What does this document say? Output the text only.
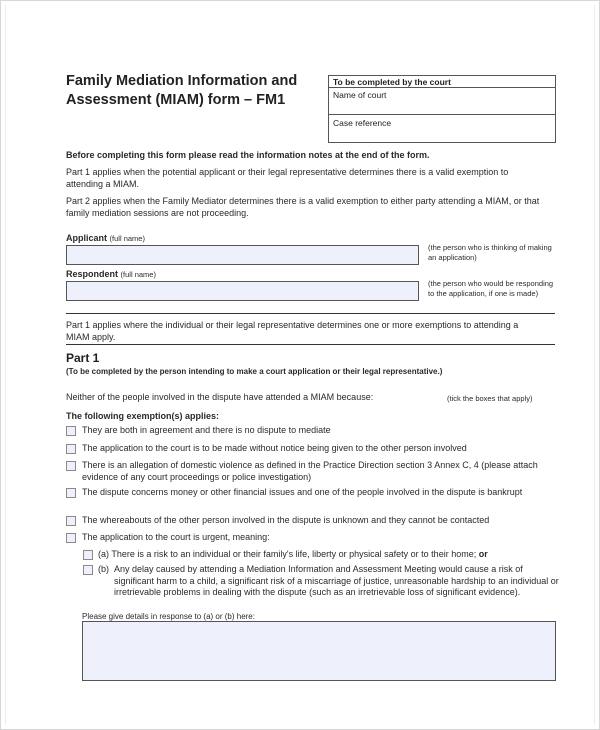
Family Mediation Information and Assessment (MIAM) form – FM1
To be completed by the court
Name of court
Case reference
Before completing this form please read the information notes at the end of the form.
Part 1 applies when the potential applicant or their legal representative determines there is a valid exemption to attending a MIAM.
Part 2 applies when the Family Mediator determines there is a valid exemption to either party attending a MIAM, or that family mediation sessions are not proceeding.
Applicant (full name)
(the person who is thinking of making an application)
Respondent (full name)
(the person who would be responding to the application, if one is made)
Part 1 applies where the individual or their legal representative determines one or more exemptions to attending a MIAM apply.
Part 1
(To be completed by the person intending to make a court application or their legal representative.)
Neither of the people involved in the dispute have attended a MIAM because:	(tick the boxes that apply)
The following exemption(s) applies:
They are both in agreement and there is no dispute to mediate
The application to the court is to be made without notice being given to the other person involved
There is an allegation of domestic violence as defined in the Practice Direction section 3 Annex C, 4 (please attach evidence of any court proceedings or police investigation)
The dispute concerns money or other financial issues and one of the people involved in the dispute is bankrupt
The whereabouts of the other person involved in the dispute is unknown and they cannot be contacted
The application to the court is urgent, meaning:
(a) There is a risk to an individual or their family's life, liberty or physical safety or to their home; or
(b) Any delay caused by attending a Mediation Information and Assessment Meeting would cause a risk of significant harm to a child, a significant risk of a miscarriage of justice, unreasonable hardship to an individual or irretrievable problems in dealing with the dispute (such as an irretrievable loss of significant evidence).
Please give details in response to (a) or (b) here:
